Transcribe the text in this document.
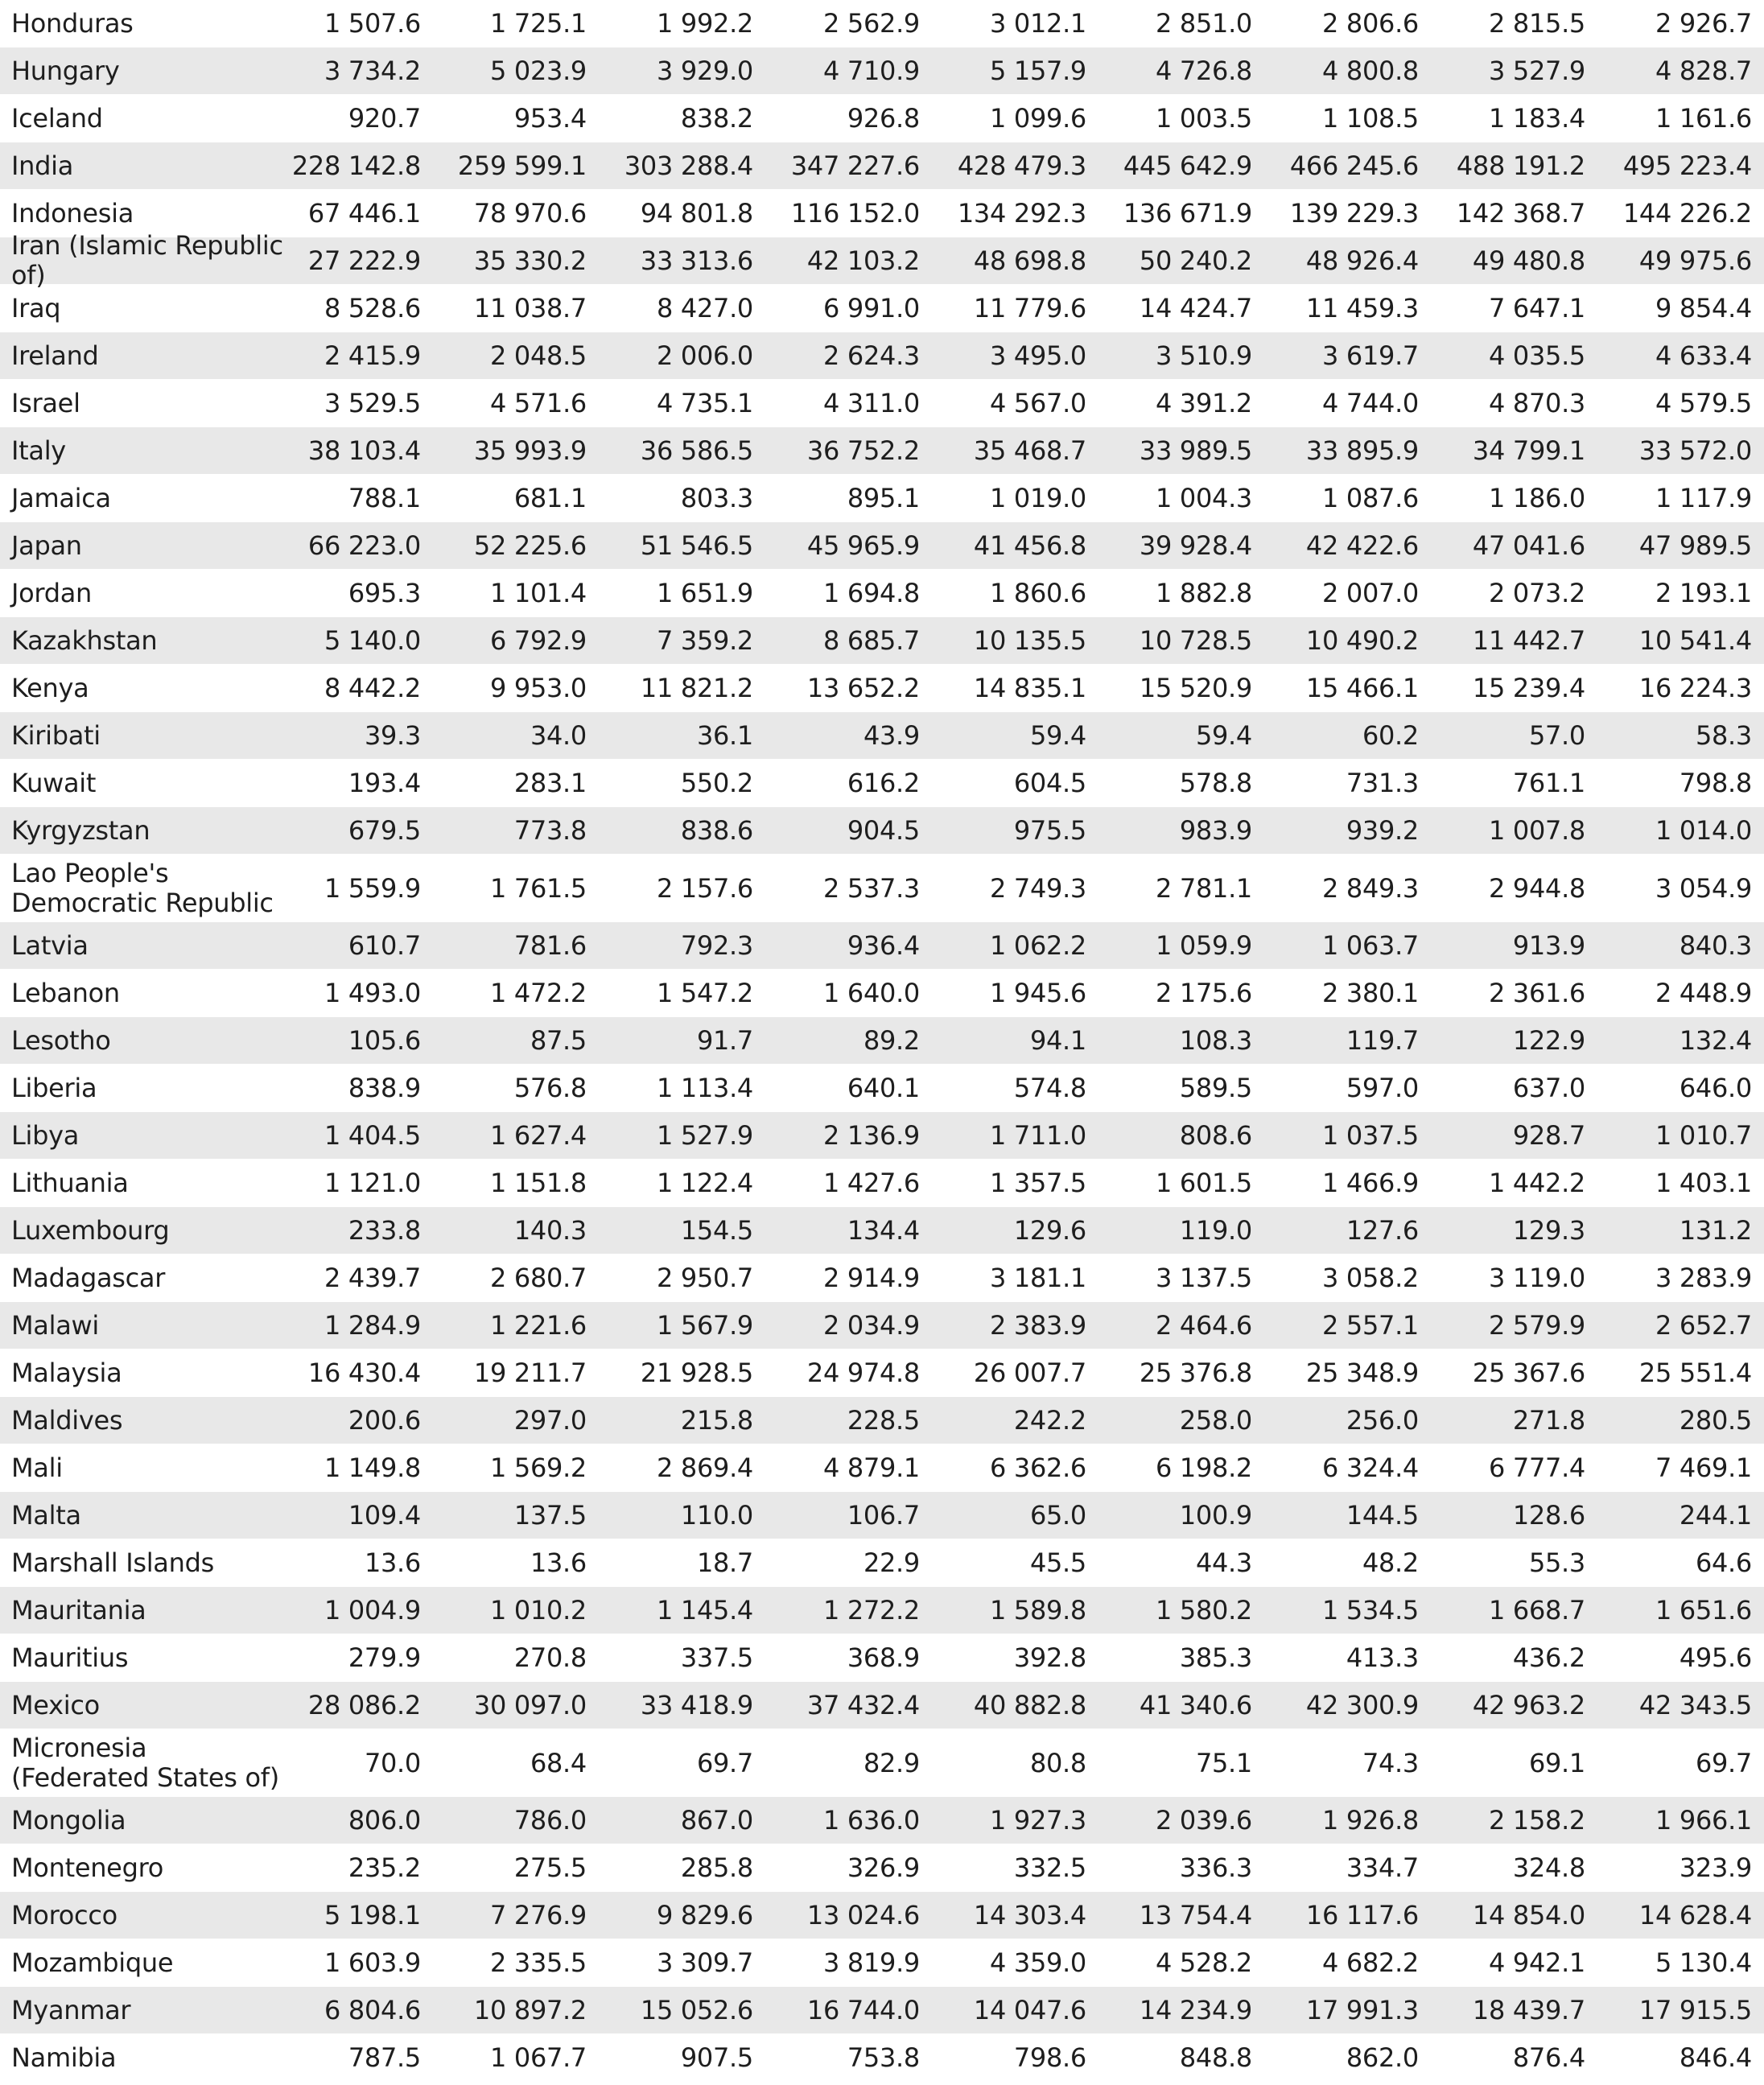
Honduras	1 507.6	1 725.1	1 992.2	2 562.9	3 012.1	2 851.0	2 806.6	2 815.5	2 926.7
Hungary	3 734.2	5 023.9	3 929.0	4 710.9	5 157.9	4 726.8	4 800.8	3 527.9	4 828.7
Iceland	920.7	953.4	838.2	926.8	1 099.6	1 003.5	1 108.5	1 183.4	1 161.6
India	228 142.8	259 599.1	303 288.4	347 227.6	428 479.3	445 642.9	466 245.6	488 191.2	495 223.4
Indonesia	67 446.1	78 970.6	94 801.8	116 152.0	134 292.3	136 671.9	139 229.3	142 368.7	144 226.2
Iran (Islamic Republic of)	27 222.9	35 330.2	33 313.6	42 103.2	48 698.8	50 240.2	48 926.4	49 480.8	49 975.6
Iraq	8 528.6	11 038.7	8 427.0	6 991.0	11 779.6	14 424.7	11 459.3	7 647.1	9 854.4
Ireland	2 415.9	2 048.5	2 006.0	2 624.3	3 495.0	3 510.9	3 619.7	4 035.5	4 633.4
Israel	3 529.5	4 571.6	4 735.1	4 311.0	4 567.0	4 391.2	4 744.0	4 870.3	4 579.5
Italy	38 103.4	35 993.9	36 586.5	36 752.2	35 468.7	33 989.5	33 895.9	34 799.1	33 572.0
Jamaica	788.1	681.1	803.3	895.1	1 019.0	1 004.3	1 087.6	1 186.0	1 117.9
Japan	66 223.0	52 225.6	51 546.5	45 965.9	41 456.8	39 928.4	42 422.6	47 041.6	47 989.5
Jordan	695.3	1 101.4	1 651.9	1 694.8	1 860.6	1 882.8	2 007.0	2 073.2	2 193.1
Kazakhstan	5 140.0	6 792.9	7 359.2	8 685.7	10 135.5	10 728.5	10 490.2	11 442.7	10 541.4
Kenya	8 442.2	9 953.0	11 821.2	13 652.2	14 835.1	15 520.9	15 466.1	15 239.4	16 224.3
Kiribati	39.3	34.0	36.1	43.9	59.4	59.4	60.2	57.0	58.3
Kuwait	193.4	283.1	550.2	616.2	604.5	578.8	731.3	761.1	798.8
Kyrgyzstan	679.5	773.8	838.6	904.5	975.5	983.9	939.2	1 007.8	1 014.0
Lao People's Democratic Republic	1 559.9	1 761.5	2 157.6	2 537.3	2 749.3	2 781.1	2 849.3	2 944.8	3 054.9
Latvia	610.7	781.6	792.3	936.4	1 062.2	1 059.9	1 063.7	913.9	840.3
Lebanon	1 493.0	1 472.2	1 547.2	1 640.0	1 945.6	2 175.6	2 380.1	2 361.6	2 448.9
Lesotho	105.6	87.5	91.7	89.2	94.1	108.3	119.7	122.9	132.4
Liberia	838.9	576.8	1 113.4	640.1	574.8	589.5	597.0	637.0	646.0
Libya	1 404.5	1 627.4	1 527.9	2 136.9	1 711.0	808.6	1 037.5	928.7	1 010.7
Lithuania	1 121.0	1 151.8	1 122.4	1 427.6	1 357.5	1 601.5	1 466.9	1 442.2	1 403.1
Luxembourg	233.8	140.3	154.5	134.4	129.6	119.0	127.6	129.3	131.2
Madagascar	2 439.7	2 680.7	2 950.7	2 914.9	3 181.1	3 137.5	3 058.2	3 119.0	3 283.9
Malawi	1 284.9	1 221.6	1 567.9	2 034.9	2 383.9	2 464.6	2 557.1	2 579.9	2 652.7
Malaysia	16 430.4	19 211.7	21 928.5	24 974.8	26 007.7	25 376.8	25 348.9	25 367.6	25 551.4
Maldives	200.6	297.0	215.8	228.5	242.2	258.0	256.0	271.8	280.5
Mali	1 149.8	1 569.2	2 869.4	4 879.1	6 362.6	6 198.2	6 324.4	6 777.4	7 469.1
Malta	109.4	137.5	110.0	106.7	65.0	100.9	144.5	128.6	244.1
Marshall Islands	13.6	13.6	18.7	22.9	45.5	44.3	48.2	55.3	64.6
Mauritania	1 004.9	1 010.2	1 145.4	1 272.2	1 589.8	1 580.2	1 534.5	1 668.7	1 651.6
Mauritius	279.9	270.8	337.5	368.9	392.8	385.3	413.3	436.2	495.6
Mexico	28 086.2	30 097.0	33 418.9	37 432.4	40 882.8	41 340.6	42 300.9	42 963.2	42 343.5
Micronesia (Federated States of)	70.0	68.4	69.7	82.9	80.8	75.1	74.3	69.1	69.7
Mongolia	806.0	786.0	867.0	1 636.0	1 927.3	2 039.6	1 926.8	2 158.2	1 966.1
Montenegro	235.2	275.5	285.8	326.9	332.5	336.3	334.7	324.8	323.9
Morocco	5 198.1	7 276.9	9 829.6	13 024.6	14 303.4	13 754.4	16 117.6	14 854.0	14 628.4
Mozambique	1 603.9	2 335.5	3 309.7	3 819.9	4 359.0	4 528.2	4 682.2	4 942.1	5 130.4
Myanmar	6 804.6	10 897.2	15 052.6	16 744.0	14 047.6	14 234.9	17 991.3	18 439.7	17 915.5
Namibia	787.5	1 067.7	907.5	753.8	798.6	848.8	862.0	876.4	846.4
